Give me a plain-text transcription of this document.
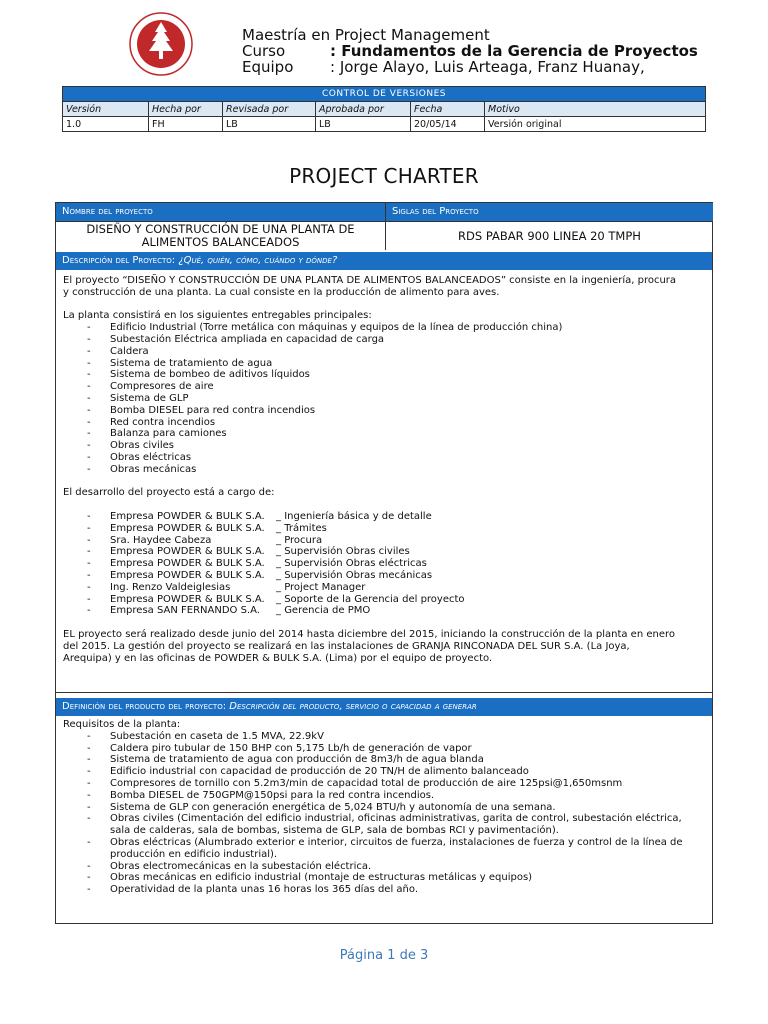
Maestría en Project Management
Curso	: Fundamentos de la Gerencia de Proyectos
Equipo : Jorge Alayo, Luis Arteaga, Franz Huanay,
CONTROL DE VERSIONES					
Versión	Hecha por	Revisada por	Aprobada por	Fecha	Motivo
1.0	FH	LB	LB	20/05/14	Versión original
PROJECT CHARTER
Nombre del proyecto	Siglas del Proyecto
DISEÑO Y CONSTRUCCIÓN DE UNA PLANTA DE
ALIMENTOS BALANCEADOS	RDS PABAR 900 LINEA 20 TMPH
Descripción del Proyecto: ¿Qué, quién, cómo, cuándo y dónde?

El proyecto “DISEÑO Y CONSTRUCCIÓN DE UNA PLANTA DE ALIMENTOS BALANCEADOS” consiste en la ingeniería, procura

y construcción de una planta. La cual consiste en la producción de alimento para aves.

La planta consistirá en los siguientes entregables principales:

- Edificio Industrial (Torre metálica con máquinas y equipos de la línea de producción china)
- Subestación Eléctrica ampliada en capacidad de carga
- Caldera
- Sistema de tratamiento de agua
- Sistema de bombeo de aditivos líquidos
- Compresores de aire
- Sistema de GLP
- Bomba DIESEL para red contra incendios
- Red contra incendios
- Balanza para camiones
- Obras civiles
- Obras eléctricas
- Obras mecánicas

El desarrollo del proyecto está a cargo de:

- Empresa POWDER & BULK S.A. _ Ingeniería básica y de detalle
- Empresa POWDER & BULK S.A. _ Trámites
- Sra. Haydee Cabeza	_ Procura
- Empresa POWDER & BULK S.A. _ Supervisión Obras civiles
- Empresa POWDER & BULK S.A. _ Supervisión Obras eléctricas
- Empresa POWDER & BULK S.A. _ Supervisión Obras mecánicas
- Ing. Renzo Valdeiglesias	_ Project Manager
- Empresa POWDER & BULK S.A. _ Soporte de la Gerencia del proyecto
- Empresa SAN FERNANDO S.A. _ Gerencia de PMO

EL proyecto será realizado desde junio del 2014 hasta diciembre del 2015, iniciando la construcción de la planta en enero

del 2015. La gestión del proyecto se realizará en las instalaciones de GRANJA RINCONADA DEL SUR S.A. (La Joya,

Arequipa) y en las oficinas de POWDER & BULK S.A. (Lima) por el equipo de proyecto.

Definición del producto del proyecto: Descripción del producto, servicio o capacidad a generar

Requisitos de la planta:

- Subestación en caseta de 1.5 MVA, 22.9kV
- Caldera piro tubular de 150 BHP con 5,175 Lb/h de generación de vapor
- Sistema de tratamiento de agua con producción de 8m3/h de agua blanda
- Edificio industrial con capacidad de producción de 20 TN/H de alimento balanceado
- Compresores de tornillo con 5.2m3/min de capacidad total de producción de aire 125psi@1,650msnm
- Bomba DIESEL de 750GPM@150psi para la red contra incendios.
- Sistema de GLP con generación energética de 5,024 BTU/h y autonomía de una semana.
- Obras civiles (Cimentación del edificio industrial, oficinas administrativas, garita de control, subestación eléctrica,
sala de calderas, sala de bombas, sistema de GLP, sala de bombas RCI y pavimentación).
- Obras eléctricas (Alumbrado exterior e interior, circuitos de fuerza, instalaciones de fuerza y control de la línea de
producción en edificio industrial).
- Obras electromecánicas en la subestación eléctrica.
- Obras mecánicas en edificio industrial (montaje de estructuras metálicas y equipos)
- Operatividad de la planta unas 16 horas los 365 días del año.
Página 1 de 3
